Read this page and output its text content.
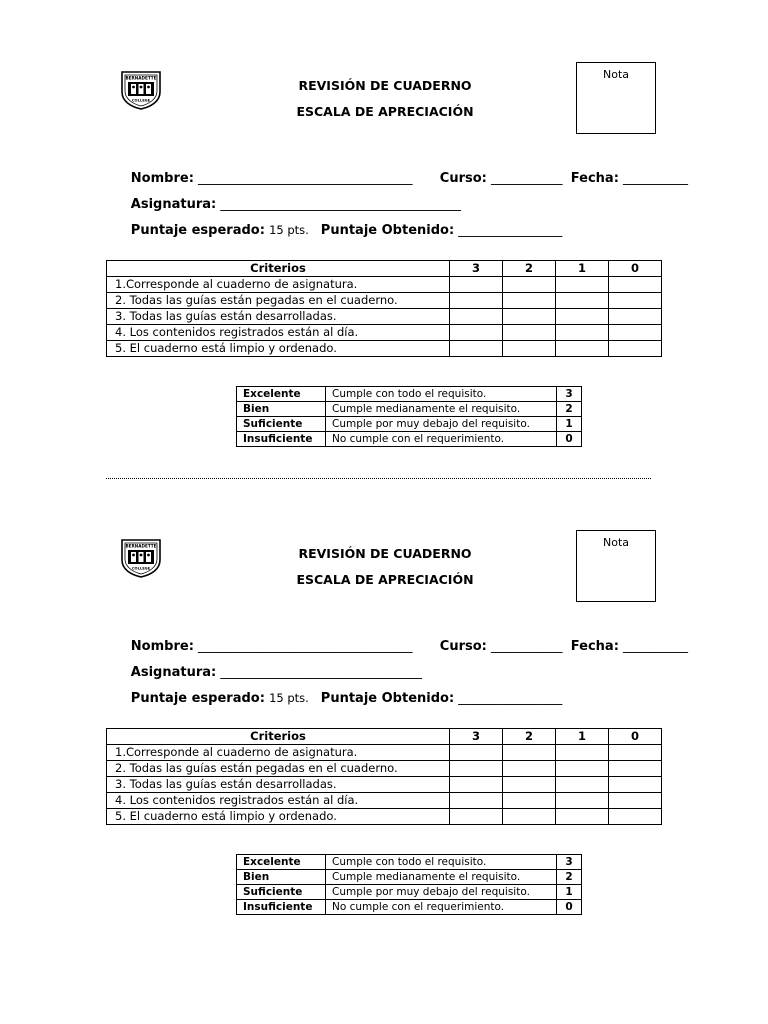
BERNADETTE
COLLEGE
REVISIÓN DE CUADERNO
ESCALA DE APRECIACIÓN
Nota

Nombre: _________________________________
	Curso: ___________
Fecha: __________

Asignatura: _____________________________________

Puntaje esperado: 15 pts.
Puntaje Obtenido: ________________

Criterios	3	2	1	0
1.Corresponde al cuaderno de asignatura.				
2. Todas las guías están pegadas en el cuaderno.				
3. Todas las guías están desarrolladas.				
4. Los contenidos registrados están al día.				
5. El cuaderno está limpio y ordenado.				
Excelente	Cumple con todo el requisito.	3
Bien	Cumple medianamente el requisito.	2
Suficiente	Cumple por muy debajo del requisito.	1
Insuficiente	No cumple con el requerimiento.	0
BERNADETTE
COLLEGE
REVISIÓN DE CUADERNO
ESCALA DE APRECIACIÓN
Nota

Nombre: _________________________________
	Curso: ___________
Fecha: __________

Asignatura: _______________________________

Puntaje esperado: 15 pts.
Puntaje Obtenido: ________________

Criterios	3	2	1	0
1.Corresponde al cuaderno de asignatura.				
2. Todas las guías están pegadas en el cuaderno.				
3. Todas las guías están desarrolladas.				
4. Los contenidos registrados están al día.				
5. El cuaderno está limpio y ordenado.				
Excelente	Cumple con todo el requisito.	3
Bien	Cumple medianamente el requisito.	2
Suficiente	Cumple por muy debajo del requisito.	1
Insuficiente	No cumple con el requerimiento.	0
